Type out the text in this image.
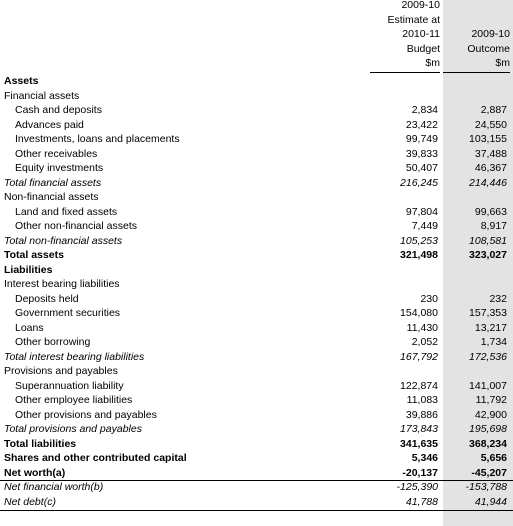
2009-10
Estimate at
2010-11
Budget
$m
2009-10
Outcome
$m
Assets
Financial assets
Cash and deposits	2,834	2,887
Advances paid	23,422	24,550
Investments, loans and placements	99,749	103,155
Other receivables	39,833	37,488
Equity investments	50,407	46,367
Total financial assets	216,245	214,446
Non-financial assets
Land and fixed assets	97,804	99,663
Other non-financial assets	7,449	8,917
Total non-financial assets	105,253	108,581
Total assets	321,498	323,027
Liabilities
Interest bearing liabilities
Deposits held	230	232
Government securities	154,080	157,353
Loans	11,430	13,217
Other borrowing	2,052	1,734
Total interest bearing liabilities	167,792	172,536
Provisions and payables
Superannuation liability	122,874	141,007
Other employee liabilities	11,083	11,792
Other provisions and payables	39,886	42,900
Total provisions and payables	173,843	195,698
Total liabilities	341,635	368,234
Shares and other contributed capital	5,346	5,656
Net worth(a)	-20,137	-45,207
Net financial worth(b)	-125,390	-153,788
Net debt(c)	41,788	41,944
